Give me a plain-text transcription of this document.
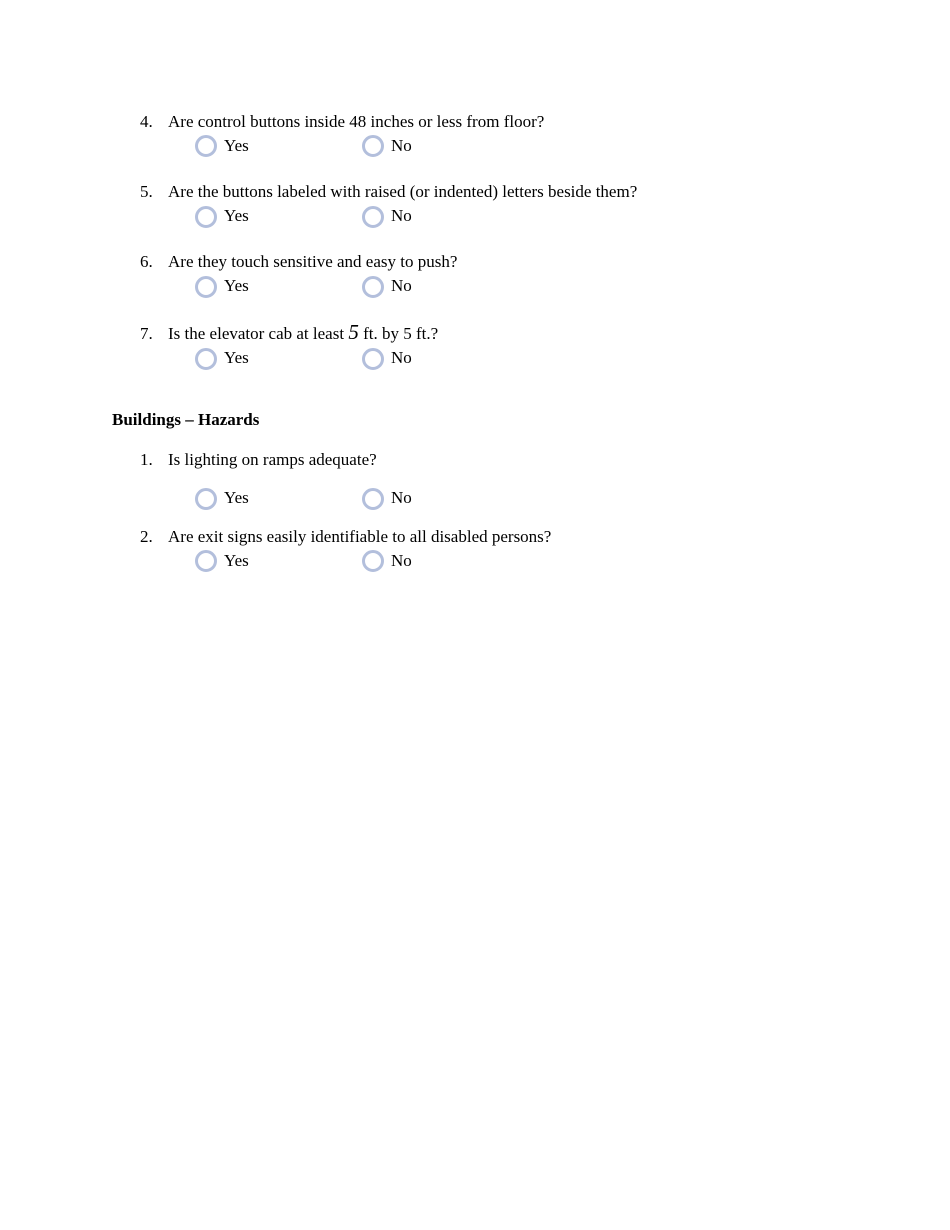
4. Are control buttons inside 48 inches or less from floor?
Yes	No
5. Are the buttons labeled with raised (or indented) letters beside them?
Yes	No
6. Are they touch sensitive and easy to push?
Yes	No
7. Is the elevator cab at least 5 ft. by 5 ft.?
Yes	No
Buildings – Hazards
1. Is lighting on ramps adequate?
Yes	No
2. Are exit signs easily identifiable to all disabled persons?
Yes	No
